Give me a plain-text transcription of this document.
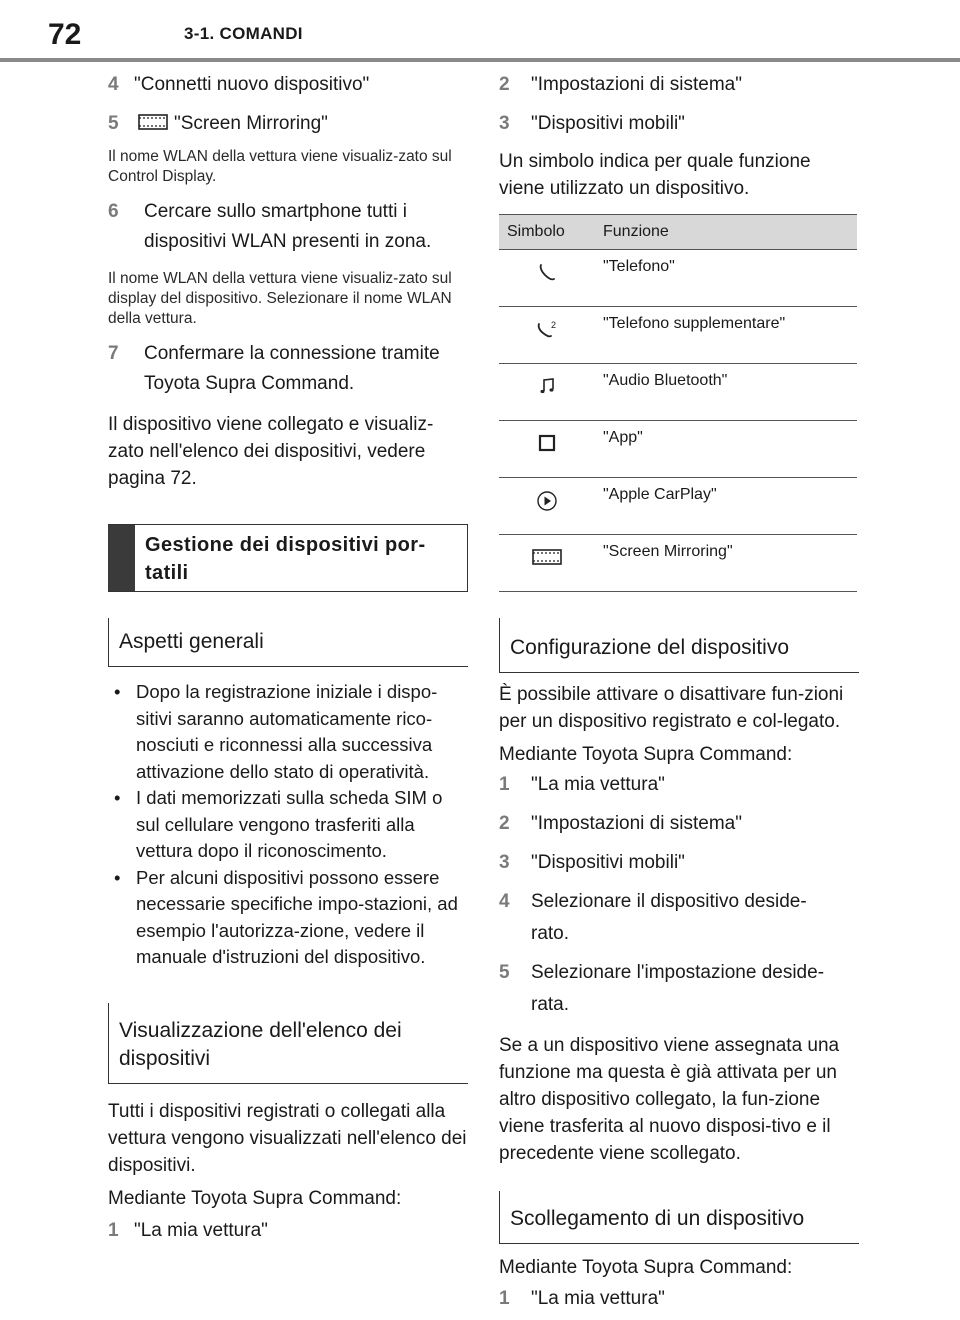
72	3-1. COMANDI
4 "Connetti nuovo dispositivo"
5	"Screen Mirroring"
Il nome WLAN della vettura viene visualiz-zato sul Control Display.
6	Cercare sullo smartphone tutti i
dispositivi WLAN presenti in zona.
Il nome WLAN della vettura viene visualiz-zato sul display del dispositivo. Selezionare il nome WLAN della vettura.
7	Confermare la connessione tramite
Toyota Supra Command.
Il dispositivo viene collegato e visualiz-zato nell'elenco dei dispositivi, vedere pagina 72.
Gestione dei dispositivi por-tatili
Aspetti generali
• Dopo la registrazione iniziale i dispo-sitivi saranno automaticamente rico-nosciuti e riconnessi alla successiva attivazione dello stato di operatività.
• I dati memorizzati sulla scheda SIM o sul cellulare vengono trasferiti alla vettura dopo il riconoscimento.
• Per alcuni dispositivi possono essere necessarie specifiche impo-stazioni, ad esempio l'autorizza-zione, vedere il manuale d'istruzioni del dispositivo.
Visualizzazione dell'elenco dei dispositivi
Tutti i dispositivi registrati o collegati alla vettura vengono visualizzati nell'elenco dei dispositivi.
Mediante Toyota Supra Command:
1 "La mia vettura"
2	"Impostazioni di sistema"
3	"Dispositivi mobili"
Un simbolo indica per quale funzione viene utilizzato un dispositivo.
Simbolo	Funzione
	"Telefono"

2	"Telefono supplementare"
	"Audio Bluetooth"
	"App"
	"Apple CarPlay"
	"Screen Mirroring"
Configurazione del dispositivo
È possibile attivare o disattivare fun-zioni per un dispositivo registrato e col-legato.
Mediante Toyota Supra Command:
1	"La mia vettura"
2	"Impostazioni di sistema"
3	"Dispositivi mobili"
4	Selezionare il dispositivo deside-
rato.
5	Selezionare l'impostazione deside-
rata.
Se a un dispositivo viene assegnata una funzione ma questa è già attivata per un altro dispositivo collegato, la fun-zione viene trasferita al nuovo disposi-tivo e il precedente viene scollegato.
Scollegamento di un dispositivo
Mediante Toyota Supra Command:
1	"La mia vettura"
